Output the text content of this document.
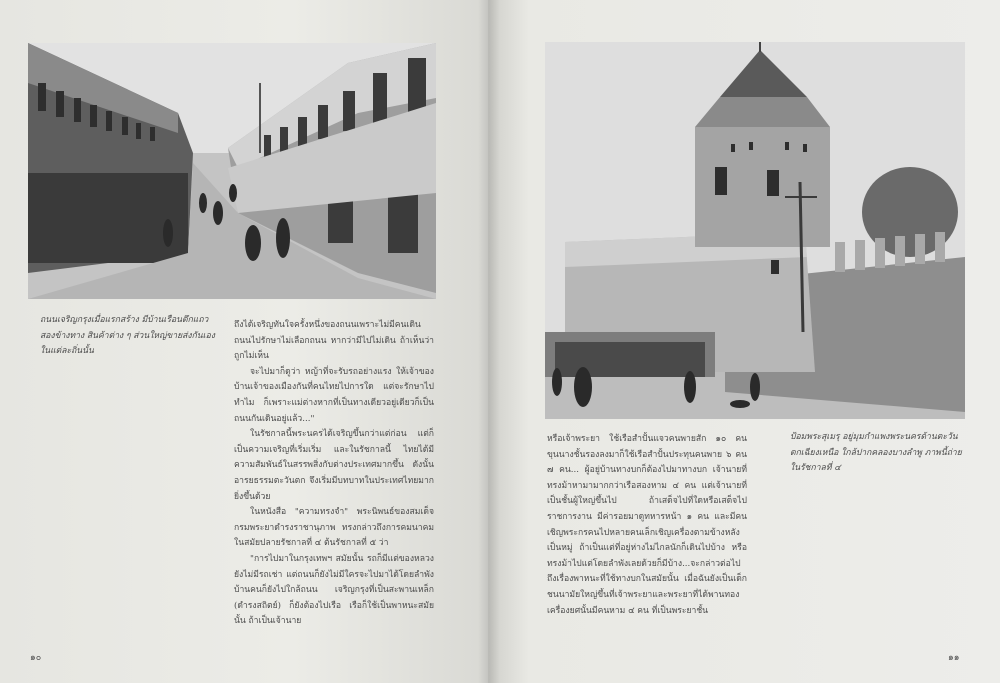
ถนนเจริญกรุงเมื่อแรกสร้าง มีบ้านเรือนตึกแถวสองข้างทาง สินค้าต่าง ๆ ส่วนใหญ่ขายส่งกันเองในแต่ละถิ่นนั้น

ถึงได้เจริญทันใจครั้งหนึ่งของถนนเพราะไม่มีคนเดินถนนไปรักษาไม่เลือกถนน หากว่ามีไปไม่เดิน ถ้าเห็นว่าถูกไม่เห็น

จะไปมาก็ดูว่า หญ้าที่จะรับรถอย่างแรง ให้เจ้าของบ้านเจ้าของเมืองกันที่คนไทยไปการใด แต่จะรักษาไป ทำไม ก็เพราะแม่ต่างหากที่เป็นทางเดียวอยู่เดียวก็เป็นถนนกันเดินอยู่แล้ว..."

ในรัชกาลนี้พระนครได้เจริญขึ้นกว่าแต่ก่อน แต่ก็เป็นความเจริญที่เริ่มเริ่ม และในรัชกาลนี้ ไทยได้มีความสัมพันธ์ในสรรพสิ่งกับต่างประเทศมากขึ้น ดังนั้นอารยธรรมตะวันตก จึงเริ่มมีบทบาทในประเทศไทยมากยิ่งขึ้นด้วย

ในหนังสือ "ความทรงจำ" พระนิพนธ์ของสมเด็จกรมพระยาดำรงราชานุภาพ ทรงกล่าวถึงการคมนาคมในสมัยปลายรัชกาลที่ ๔ ต้นรัชกาลที่ ๕ ว่า

"การไปมาในกรุงเทพฯ สมัยนั้น รถก็มีแต่ของหลวงยังไม่มีรถเช่า แต่ถนนก็ยังไม่มีใครจะไปมาได้โดยลำพัง บ้านคนก็ยังไปใกล้ถนน เจริญกรุงที่เป็นสะพานเหล็ก (ดำรงสถิตย์) ก็ยังต้องไปเรือ เรือก็ใช้เป็นพาหนะสมัยนั้น ถ้าเป็นเจ้านาย

๑๐

หรือเจ้าพระยา ใช้เรือสำปั้นแจวคนพายสัก ๑๐ คน ขุนนางชั้นรองลงมาก็ใช้เรือสำปั้นประทุนคนพาย ๖ คน ๗ คน... ผู้อยู่บ้านทางบกก็ต้องไปมาทางบก เจ้านายที่ทรงม้าหามามากกว่าเรือสองหาม ๔ คน แต่เจ้านายที่เป็นชั้นผู้ใหญ่ขึ้นไป ถ้าเสด็จไปที่ใดหรือเสด็จไปราชการงาน มีค่ารอยมาดูทหารหน้า ๑ คน และมีคนเชิญพระกรคนไปหลายคนเล็กเชิญเครื่องตามข้างหลังเป็นหมู่ ถ้าเป็นแต่ที่อยู่ห่างไม่ไกลนักก็เดินไปบ้าง หรือทรงม้าไปแต่โดยลำพังเลยด้วยก็มีบ้าง...จะกล่าวต่อไปถึงเรื่องพาหนะที่ใช้ทางบกในสมัยนั้น เมื่อฉันยังเป็นเด็กชนนามัยใหญ่ขึ้นที่เจ้าพระยาและพระยาที่ได้พานทอง เครื่องยศนั้นมีคนหาม ๔ คน ที่เป็นพระยาชั้น

ป้อมพระสุเมรุ อยู่มุมกำแพงพระนครด้านตะวันตกเฉียงเหนือ ใกล้ปากคลองบางลำพู ภาพนี้ถ่ายในรัชกาลที่ ๔

๑๑
